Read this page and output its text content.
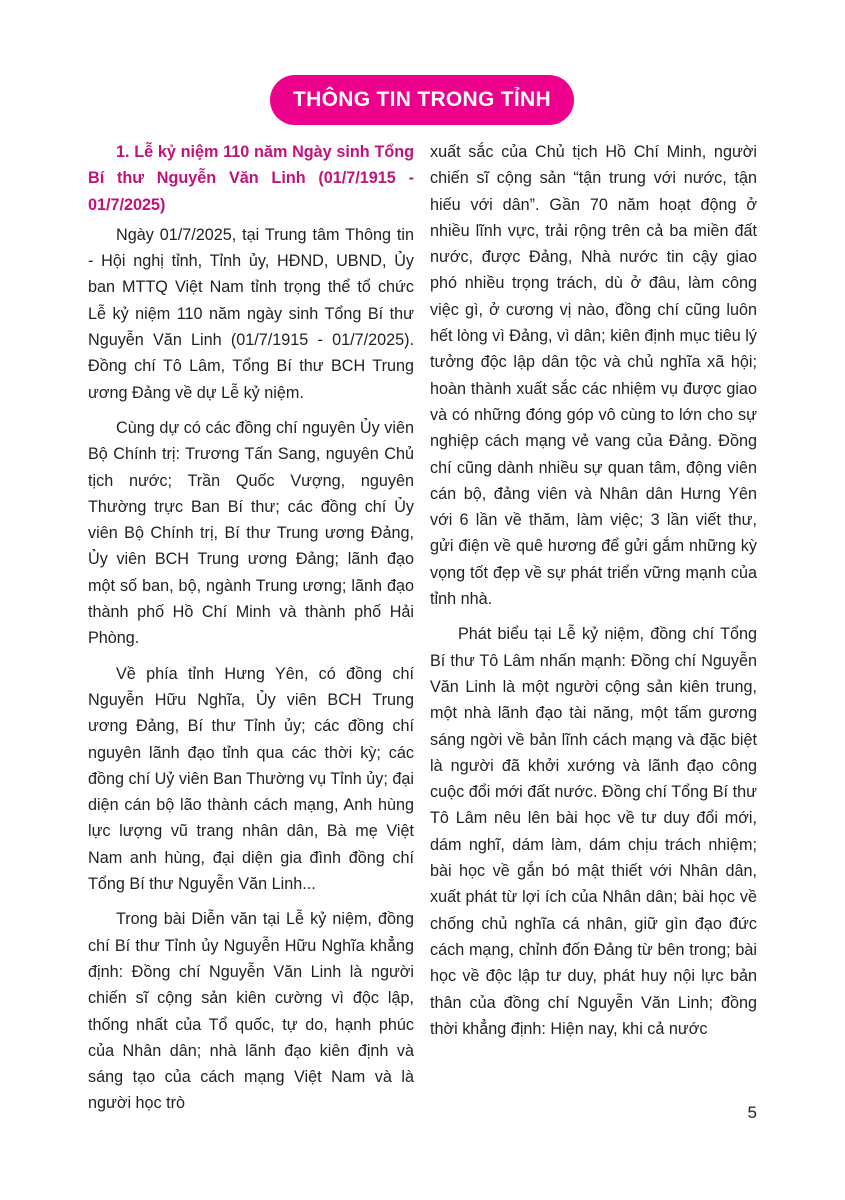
THÔNG TIN TRONG TỈNH

1. Lễ kỷ niệm 110 năm Ngày sinh Tổng Bí thư Nguyễn Văn Linh (01/7/1915 - 01/7/2025)

Ngày 01/7/2025, tại Trung tâm Thông tin - Hội nghị tỉnh, Tỉnh ủy, HĐND, UBND, Ủy ban MTTQ Việt Nam tỉnh trọng thể tổ chức Lễ kỷ niệm 110 năm ngày sinh Tổng Bí thư Nguyễn Văn Linh (01/7/1915 - 01/7/2025). Đồng chí Tô Lâm, Tổng Bí thư BCH Trung ương Đảng về dự Lễ kỷ niệm.

Cùng dự có các đồng chí nguyên Ủy viên Bộ Chính trị: Trương Tấn Sang, nguyên Chủ tịch nước; Trần Quốc Vượng, nguyên Thường trực Ban Bí thư; các đồng chí Ủy viên Bộ Chính trị, Bí thư Trung ương Đảng, Ủy viên BCH Trung ương Đảng; lãnh đạo một số ban, bộ, ngành Trung ương; lãnh đạo thành phố Hồ Chí Minh và thành phố Hải Phòng.

Về phía tỉnh Hưng Yên, có đồng chí Nguyễn Hữu Nghĩa, Ủy viên BCH Trung ương Đảng, Bí thư Tỉnh ủy; các đồng chí nguyên lãnh đạo tỉnh qua các thời kỳ; các đồng chí Uỷ viên Ban Thường vụ Tỉnh ủy; đại diện cán bộ lão thành cách mạng, Anh hùng lực lượng vũ trang nhân dân, Bà mẹ Việt Nam anh hùng, đại diện gia đình đồng chí Tổng Bí thư Nguyễn Văn Linh...

Trong bài Diễn văn tại Lễ kỷ niệm, đồng chí Bí thư Tỉnh ủy Nguyễn Hữu Nghĩa khẳng định: Đồng chí Nguyễn Văn Linh là người chiến sĩ cộng sản kiên cường vì độc lập, thống nhất của Tổ quốc, tự do, hạnh phúc của Nhân dân; nhà lãnh đạo kiên định và sáng tạo của cách mạng Việt Nam và là người học trò

xuất sắc của Chủ tịch Hồ Chí Minh, người chiến sĩ cộng sản “tận trung với nước, tận hiếu với dân”. Gần 70 năm hoạt động ở nhiều lĩnh vực, trải rộng trên cả ba miền đất nước, được Đảng, Nhà nước tin cậy giao phó nhiều trọng trách, dù ở đâu, làm công việc gì, ở cương vị nào, đồng chí cũng luôn hết lòng vì Đảng, vì dân; kiên định mục tiêu lý tưởng độc lập dân tộc và chủ nghĩa xã hội; hoàn thành xuất sắc các nhiệm vụ được giao và có những đóng góp vô cùng to lớn cho sự nghiệp cách mạng vẻ vang của Đảng. Đồng chí cũng dành nhiều sự quan tâm, động viên cán bộ, đảng viên và Nhân dân Hưng Yên với 6 lần về thăm, làm việc; 3 lần viết thư, gửi điện về quê hương để gửi gắm những kỳ vọng tốt đẹp về sự phát triển vững mạnh của tỉnh nhà.

Phát biểu tại Lễ kỷ niệm, đồng chí Tổng Bí thư Tô Lâm nhấn mạnh: Đồng chí Nguyễn Văn Linh là một người cộng sản kiên trung, một nhà lãnh đạo tài năng, một tấm gương sáng ngời về bản lĩnh cách mạng và đặc biệt là người đã khởi xướng và lãnh đạo công cuộc đổi mới đất nước. Đồng chí Tổng Bí thư Tô Lâm nêu lên bài học về tư duy đổi mới, dám nghĩ, dám làm, dám chịu trách nhiệm; bài học về gắn bó mật thiết với Nhân dân, xuất phát từ lợi ích của Nhân dân; bài học về chống chủ nghĩa cá nhân, giữ gìn đạo đức cách mạng, chỉnh đốn Đảng từ bên trong; bài học về độc lập tư duy, phát huy nội lực bản thân của đồng chí Nguyễn Văn Linh; đồng thời khẳng định: Hiện nay, khi cả nước

5
